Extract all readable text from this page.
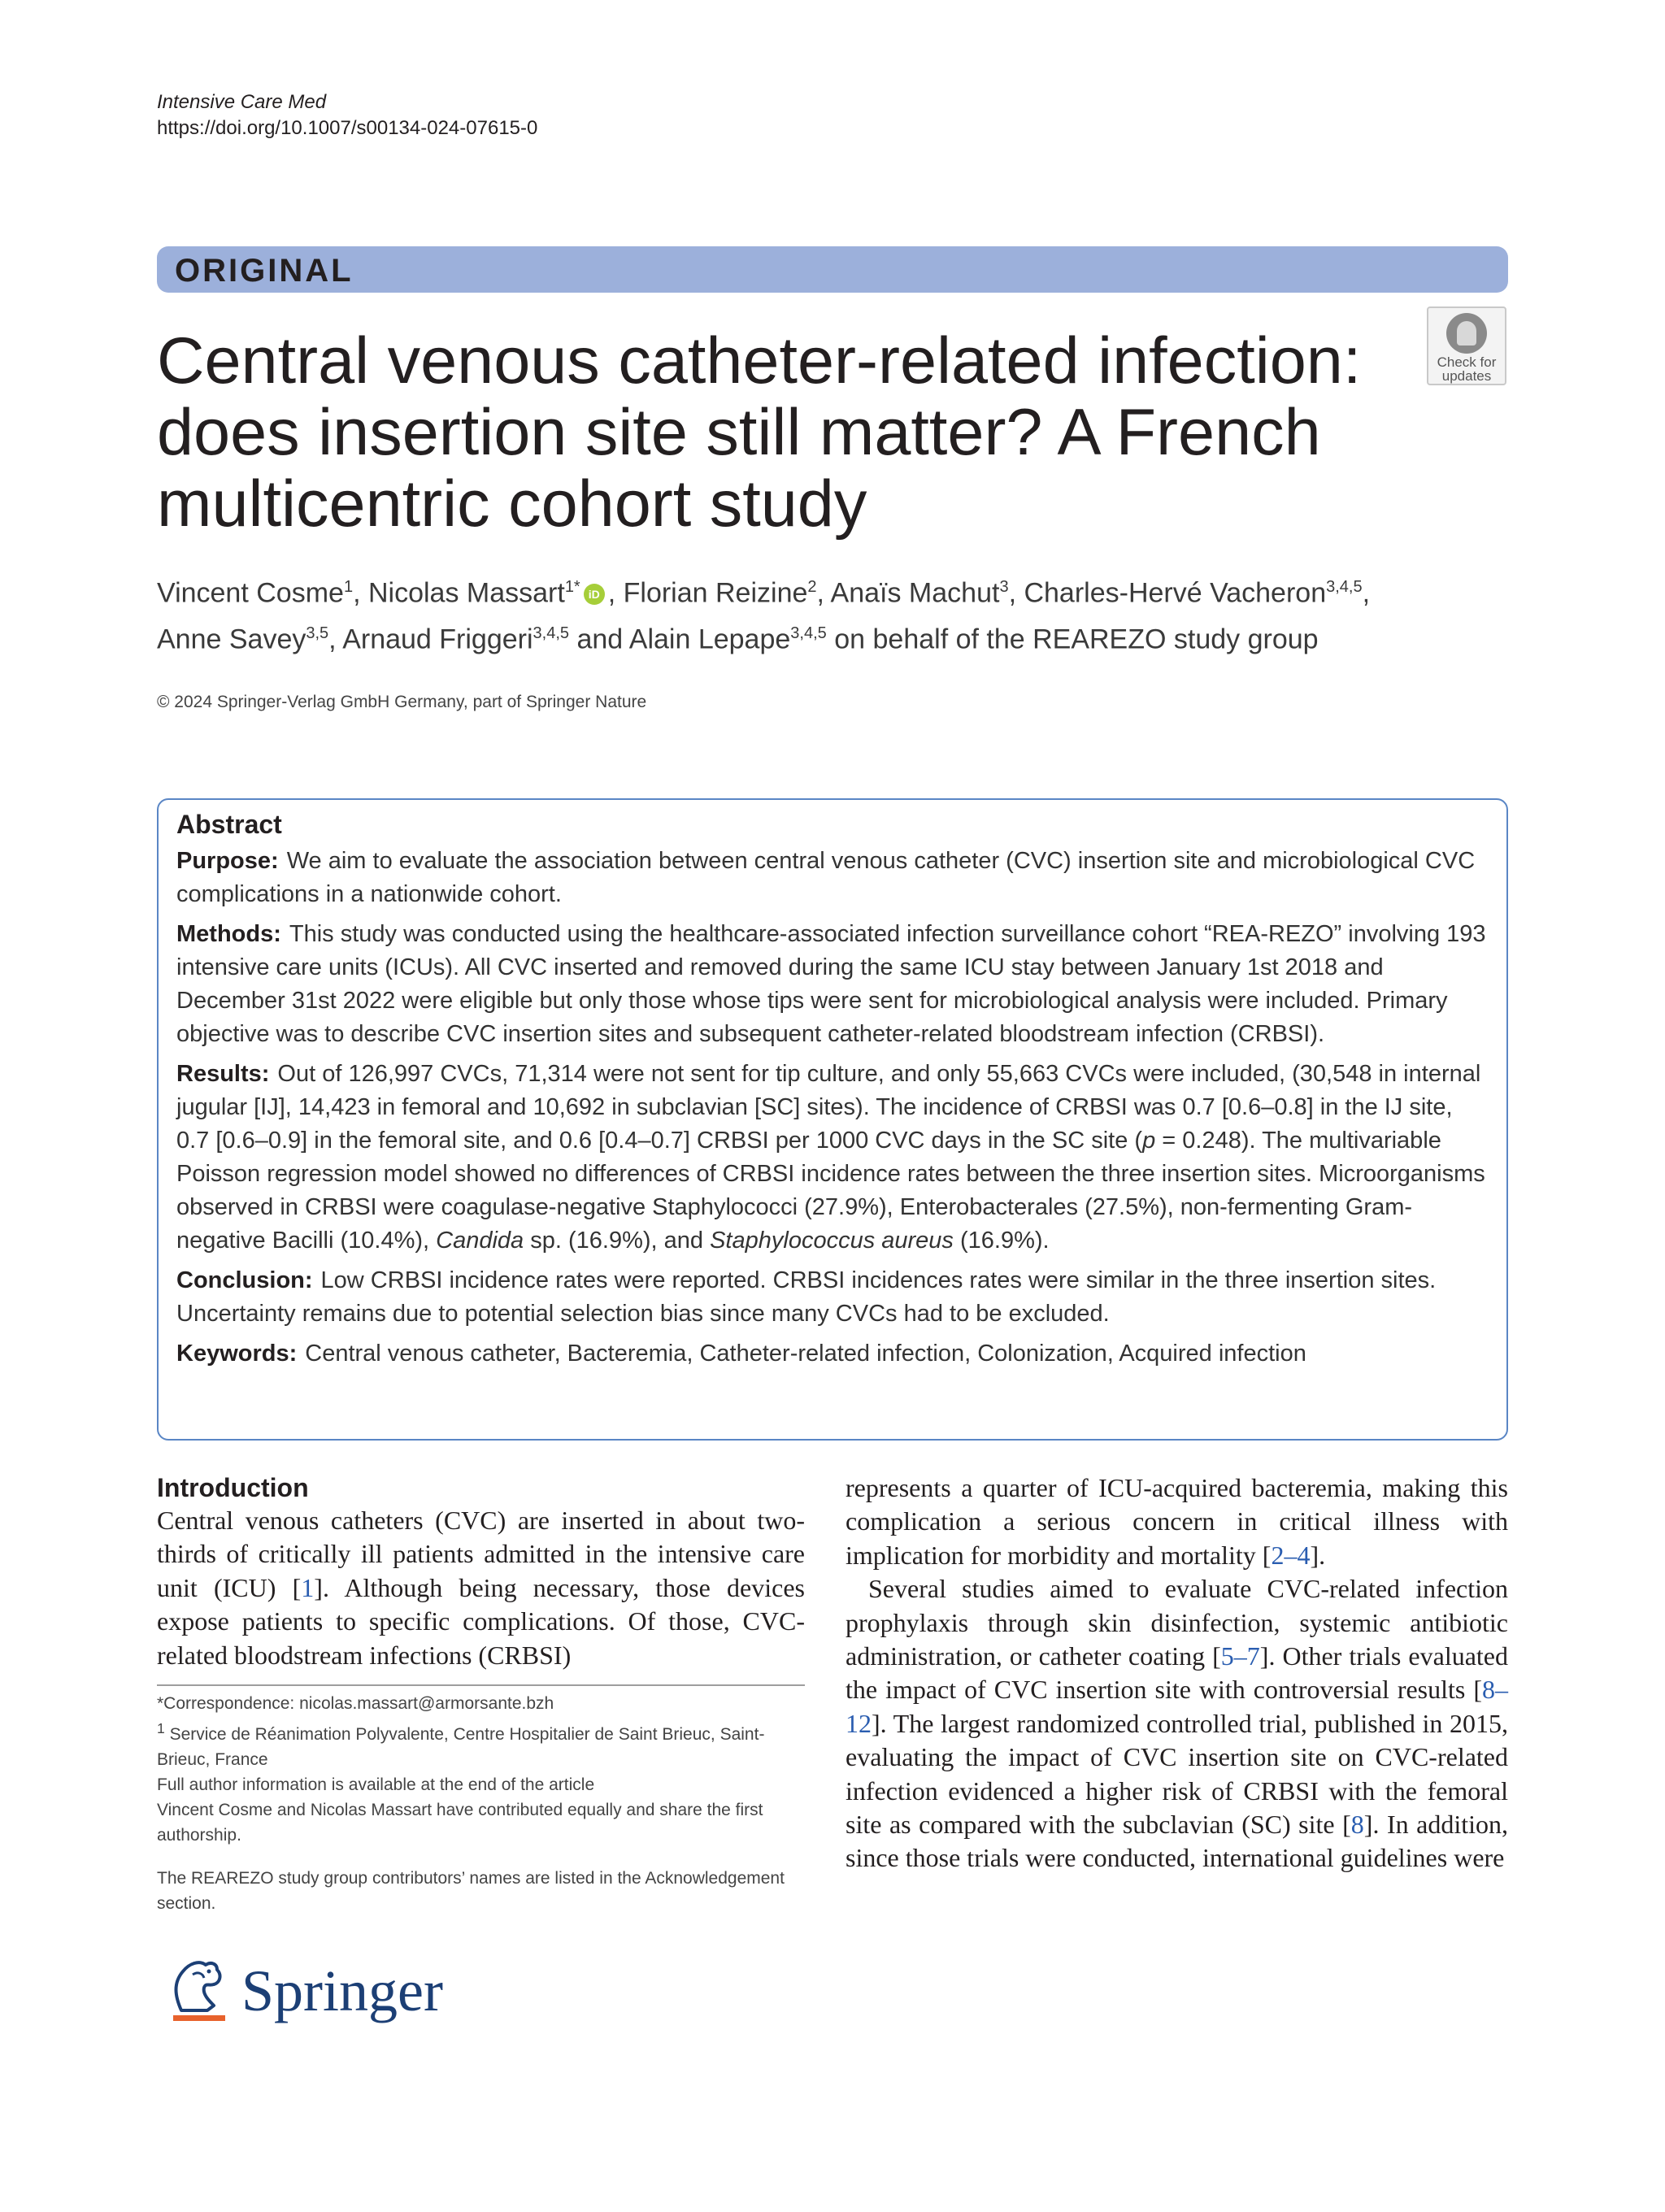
Intensive Care Med
https://doi.org/10.1007/s00134-024-07615-0
ORIGINAL
Check for
updates
Central venous catheter-related infection:
does insertion site still matter? A French
multicentric cohort study
Vincent Cosme$^1$, Nicolas Massart$^{1*}$ iD , Florian Reizine$^2$, Anaïs Machut$^3$, Charles-Hervé Vacheron$^{3,4,5}$,
Anne Savey$^{3,5}$, Arnaud Friggeri$^{3,4,5}$ and Alain Lepape$^{3,4,5}$ on behalf of the REAREZO study group
© 2024 Springer-Verlag GmbH Germany, part of Springer Nature

Abstract

Purpose: We aim to evaluate the association between central venous catheter (CVC) insertion site and microbiological CVC complications in a nationwide cohort.

Methods: This study was conducted using the healthcare-associated infection surveillance cohort “REA-REZO” involving 193 intensive care units (ICUs). All CVC inserted and removed during the same ICU stay between January 1st 2018 and December 31st 2022 were eligible but only those whose tips were sent for microbiological analysis were included. Primary objective was to describe CVC insertion sites and subsequent catheter-related bloodstream infection (CRBSI).

Results: Out of 126,997 CVCs, 71,314 were not sent for tip culture, and only 55,663 CVCs were included, (30,548 in internal jugular [IJ], 14,423 in femoral and 10,692 in subclavian [SC] sites). The incidence of CRBSI was 0.7 [0.6–0.8] in the IJ site, 0.7 [0.6–0.9] in the femoral site, and 0.6 [0.4–0.7] CRBSI per 1000 CVC days in the SC site (p = 0.248). The multivariable Poisson regression model showed no differences of CRBSI incidence rates between the three insertion sites. Microorganisms observed in CRBSI were coagulase-negative Staphylococci (27.9%), Enterobacterales (27.5%), non-fermenting Gram-negative Bacilli (10.4%), Candida sp. (16.9%), and Staphylococcus aureus (16.9%).

Conclusion: Low CRBSI incidence rates were reported. CRBSI incidences rates were similar in the three insertion sites. Uncertainty remains due to potential selection bias since many CVCs had to be excluded.

Keywords: Central venous catheter, Bacteremia, Catheter-related infection, Colonization, Acquired infection

Introduction

Central venous catheters (CVC) are inserted in about two-thirds of critically ill patients admitted in the intensive care unit (ICU) [1]. Although being necessary, those devices expose patients to specific complications. Of those, CVC-related bloodstream infections (CRBSI)

*Correspondence: nicolas.massart@armorsante.bzh

$^1$ Service de Réanimation Polyvalente, Centre Hospitalier de Saint Brieuc, Saint-Brieuc, France

Full author information is available at the end of the article

Vincent Cosme and Nicolas Massart have contributed equally and share the first authorship.

The REAREZO study group contributors’ names are listed in the Acknowledgement section.

represents a quarter of ICU-acquired bacteremia, making this complication a serious concern in critical illness with implication for morbidity and mortality [2–4].

Several studies aimed to evaluate CVC-related infection prophylaxis through skin disinfection, systemic antibiotic administration, or catheter coating [5–7]. Other trials evaluated the impact of CVC insertion site with controversial results [8–12]. The largest randomized controlled trial, published in 2015, evaluating the impact of CVC insertion site on CVC-related infection evidenced a higher risk of CRBSI with the femoral site as compared with the subclavian (SC) site [8]. In addition, since those trials were conducted, international guidelines were

Springer
